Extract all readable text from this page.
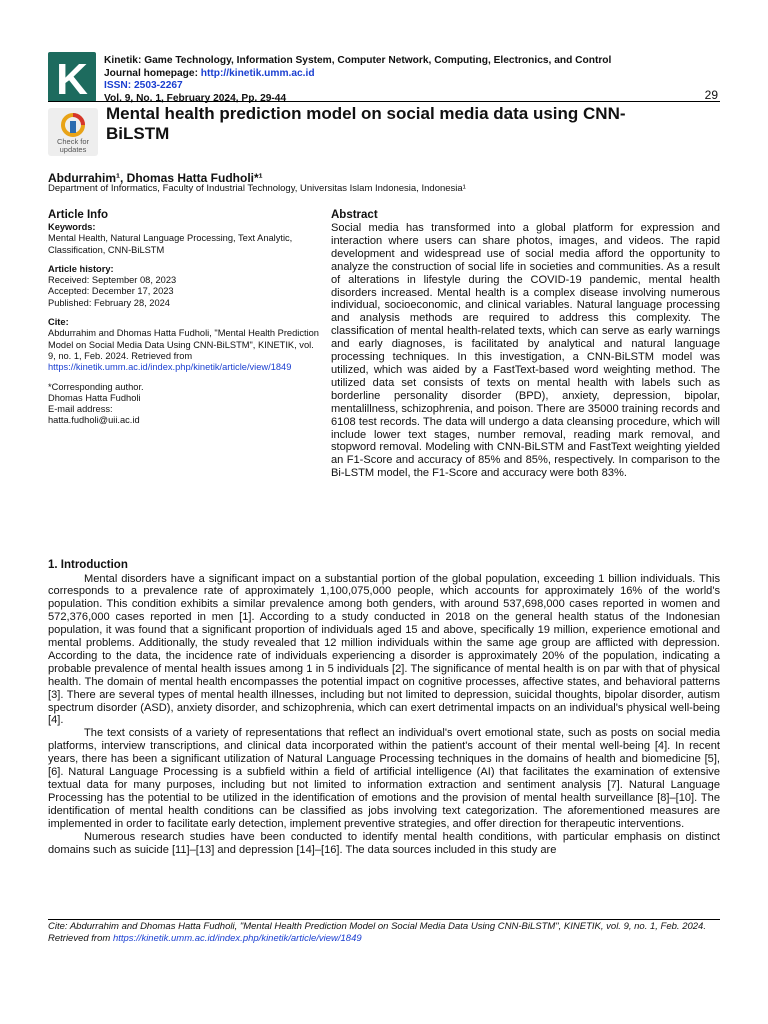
K Kinetik: Game Technology, Information System, Computer Network, Computing, Electronics, and Control
Journal homepage: http://kinetik.umm.ac.id
ISSN: 2503-2267
Vol. 9, No. 1, February 2024, Pp. 29-44	29
Check for updates
Mental health prediction model on social media data using CNN-BiLSTM
Abdurrahim¹, Dhomas Hatta Fudholi*¹
Department of Informatics, Faculty of Industrial Technology, Universitas Islam Indonesia, Indonesia¹
Article Info
Keywords:
Mental Health, Natural Language Processing, Text Analytic, Classification, CNN-BiLSTM
Article history:
Received: September 08, 2023
Accepted: December 17, 2023
Published: February 28, 2024
Cite:
Abdurrahim and Dhomas Hatta Fudholi, "Mental Health Prediction Model on Social Media Data Using CNN-BiLSTM", KINETIK, vol. 9, no. 1, Feb. 2024. Retrieved from
https://kinetik.umm.ac.id/index.php/kinetik/article/view/1849
*Corresponding author.
Dhomas Hatta Fudholi
E-mail address:
hatta.fudholi@uii.ac.id
Abstract

Social media has transformed into a global platform for expression and interaction where users can share photos, images, and videos. The rapid development and widespread use of social media afford the opportunity to analyze the construction of social life in societies and communities. As a result of alterations in lifestyle during the COVID-19 pandemic, mental health disorders increased. Mental health is a complex disease involving numerous individual, socioeconomic, and clinical variables. Natural language processing and analysis methods are required to address this complexity. The classification of mental health-related texts, which can serve as early warnings and early diagnoses, is facilitated by analytical and natural language processing techniques. In this investigation, a CNN-BiLSTM model was utilized, which was aided by a FastText-based word weighting method. The utilized data set consists of texts on mental health with labels such as borderline personality disorder (BPD), anxiety, depression, bipolar, mentalillness, schizophrenia, and poison. There are 35000 training records and 6108 test records. The data will undergo a data cleansing procedure, which will include lower text stages, number removal, reading mark removal, and stopword removal. Modeling with CNN-BiLSTM and FastText weighting yielded an F1-Score and accuracy of 85% and 85%, respectively. In comparison to the Bi-LSTM model, the F1-Score and accuracy were both 83%.

1. Introduction

Mental disorders have a significant impact on a substantial portion of the global population, exceeding 1 billion individuals. This corresponds to a prevalence rate of approximately 1,100,075,000 people, which accounts for approximately 16% of the world's population. This condition exhibits a similar prevalence among both genders, with around 537,698,000 cases reported in women and 572,376,000 cases reported in men [1]. According to a study conducted in 2018 on the general health status of the Indonesian population, it was found that a significant proportion of individuals aged 15 and above, specifically 19 million, experience emotional and mental problems. Additionally, the study revealed that 12 million individuals within the same age group are afflicted with depression. According to the data, the incidence rate of individuals experiencing a disorder is approximately 20% of the population, indicating a probable prevalence of mental health issues among 1 in 5 individuals [2]. The significance of mental health is on par with that of physical health. The domain of mental health encompasses the potential impact on cognitive processes, affective states, and behavioral patterns [3]. There are several types of mental health illnesses, including but not limited to depression, suicidal thoughts, bipolar disorder, autism spectrum disorder (ASD), anxiety disorder, and schizophrenia, which can exert detrimental impacts on an individual's physical well-being [4].

The text consists of a variety of representations that reflect an individual's overt emotional state, such as posts on social media platforms, interview transcriptions, and clinical data incorporated within the patient's account of their mental well-being [4]. In recent years, there has been a significant utilization of Natural Language Processing techniques in the domains of health and biomedicine [5], [6]. Natural Language Processing is a subfield within a field of artificial intelligence (AI) that facilitates the examination of extensive textual data for many purposes, including but not limited to information extraction and sentiment analysis [7]. Natural Language Processing has the potential to be utilized in the identification of emotions and the provision of mental health surveillance [8]–[10]. The identification of mental health conditions can be classified as jobs involving text categorization. The aforementioned measures are implemented in order to facilitate early detection, implement preventive strategies, and offer direction for therapeutic interventions.

Numerous research studies have been conducted to identify mental health conditions, with particular emphasis on distinct domains such as suicide [11]–[13] and depression [14]–[16]. The data sources included in this study are

Cite: Abdurrahim and Dhomas Hatta Fudholi, "Mental Health Prediction Model on Social Media Data Using CNN-BiLSTM", KINETIK, vol. 9, no. 1, Feb. 2024. Retrieved from https://kinetik.umm.ac.id/index.php/kinetik/article/view/1849
